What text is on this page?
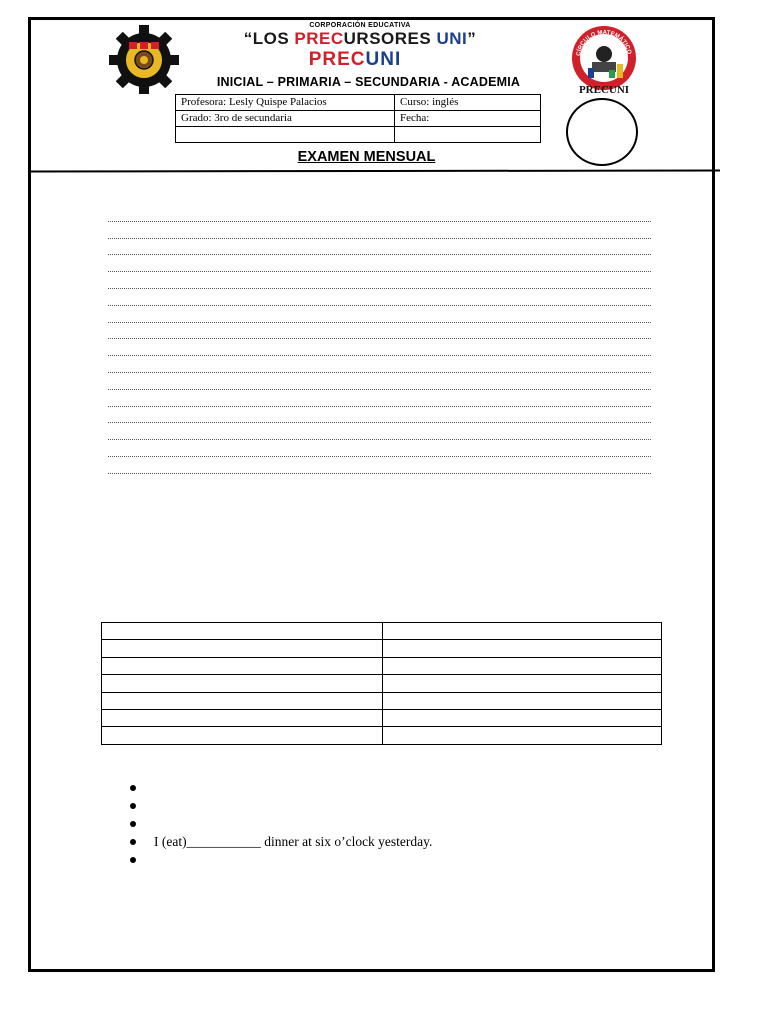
CORPORACIÓN EDUCATIVA
“LOS PRECURSORES UNI”
PRECUNI
INICIAL – PRIMARIA – SECUNDARIA - ACADEMIA
CÍRCULO MATEMÁTICO
PRECUNI
Profesora: Lesly Quispe Palacios	Curso: inglés
Grado: 3ro de secundaria	Fecha:

EXAMEN MENSUAL

I (eat)___________ dinner at six o’clock yesterday.
